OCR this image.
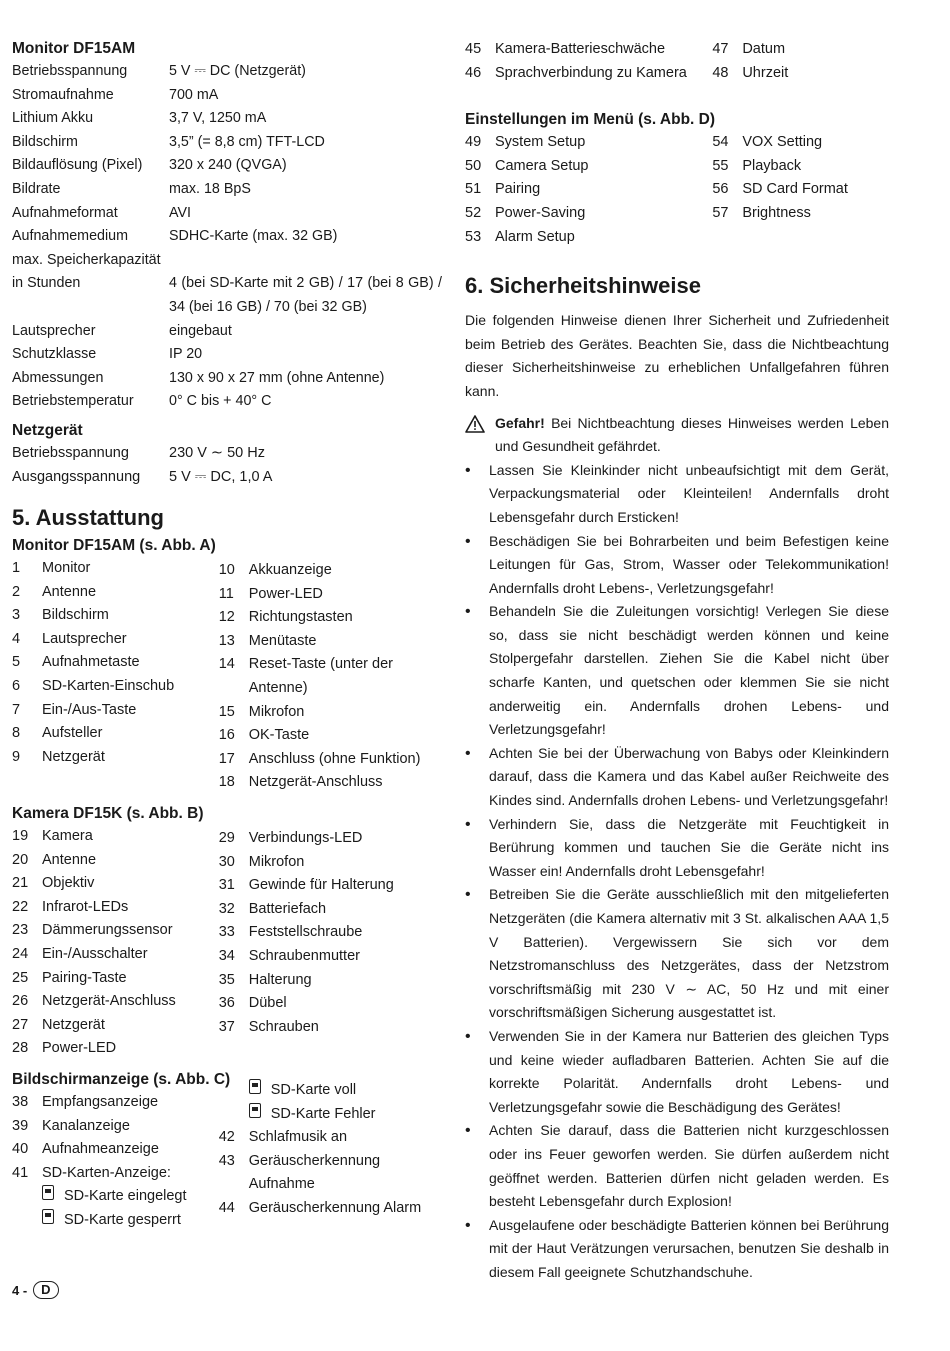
Monitor DF15AM
Betriebsspannung	5 V ⎓ DC (Netzgerät)
Stromaufnahme	700 mA
Lithium Akku	3,7 V, 1250 mA
Bildschirm	3,5” (= 8,8 cm) TFT-LCD
Bildauflösung (Pixel)	320 x 240 (QVGA)
Bildrate	max. 18 BpS
Aufnahmeformat	AVI
Aufnahmemedium	SDHC-Karte (max. 32 GB)
max. Speicherkapazität
in Stunden	4 (bei SD-Karte mit 2 GB) / 17 (bei 8 GB) / 34 (bei 16 GB) / 70 (bei 32 GB)
Lautsprecher	eingebaut
Schutzklasse	IP 20
Abmessungen	130 x 90 x 27 mm (ohne Antenne)
Betriebstemperatur	0° C bis + 40° C
Netzgerät
Betriebsspannung	230 V ∼ 50 Hz
Ausgangsspannung	5 V ⎓ DC, 1,0 A
5. Ausstattung
Monitor DF15AM (s. Abb. A)
1	Monitor
2	Antenne
3	Bildschirm
4	Lautsprecher
5	Aufnahmetaste
6	SD-Karten-Einschub
7	Ein-/Aus-Taste
8	Aufsteller
9	Netzgerät
10 Akkuanzeige
11	Power-LED
12 Richtungstasten
13 Menütaste
14 Reset-Taste (unter der Antenne)
15 Mikrofon
16 OK-Taste
17 Anschluss (ohne Funktion)
18 Netzgerät-Anschluss
Kamera DF15K (s. Abb. B)
19 Kamera
20 Antenne
21 Objektiv
22 Infrarot-LEDs
23 Dämmerungssensor
24 Ein-/Ausschalter
25 Pairing-Taste
26 Netzgerät-Anschluss
27 Netzgerät
28 Power-LED
29 Verbindungs-LED
30 Mikrofon
31 Gewinde für Halterung
32 Batteriefach
33 Feststellschraube
34 Schraubenmutter
35 Halterung
36 Dübel
37 Schrauben
Bildschirmanzeige (s. Abb. C)
38 Empfangsanzeige
39 Kanalanzeige
40 Aufnahmeanzeige
41 SD-Karten-Anzeige:
SD-Karte eingelegt
SD-Karte gesperrt
SD-Karte voll
SD-Karte Fehler
42 Schlafmusik an
43 Geräuscherkennung Aufnahme
44 Geräuscherkennung Alarm
45 Kamera-Batterieschwäche
46 Sprachverbindung zu Kamera
47 Datum
48 Uhrzeit
Einstellungen im Menü (s. Abb. D)
49 System Setup
50 Camera Setup
51 Pairing
52 Power-Saving
53 Alarm Setup
54 VOX Setting
55 Playback
56 SD Card Format
57 Brightness
6. Sicherheitshinweise
Die folgenden Hinweise dienen Ihrer Sicherheit und Zufriedenheit beim Betrieb des Gerätes. Beachten Sie, dass die Nichtbeachtung dieser Sicherheitshinweise zu erheblichen Unfallgefahren führen kann.
Gefahr! Bei Nichtbeachtung dieses Hinweises werden Leben und Gesundheit gefährdet.
•
Lassen Sie Kleinkinder nicht unbeaufsichtigt mit dem Gerät, Verpackungsmaterial oder Kleinteilen! Andernfalls droht Lebensgefahr durch Ersticken!
•
Beschädigen Sie bei Bohrarbeiten und beim Befestigen keine Leitungen für Gas, Strom, Wasser oder Telekommunikation! Andernfalls droht Lebens-, Verletzungsgefahr!
•
Behandeln Sie die Zuleitungen vorsichtig! Verlegen Sie diese so, dass sie nicht beschädigt werden können und keine Stolpergefahr darstellen. Ziehen Sie die Kabel nicht über scharfe Kanten, und quetschen oder klemmen Sie sie nicht anderweitig ein. Andernfalls drohen Lebens- und Verletzungsgefahr!
•
Achten Sie bei der Überwachung von Babys oder Kleinkindern darauf, dass die Kamera und das Kabel außer Reichweite des Kindes sind. Andernfalls drohen Lebens- und Verletzungsgefahr!
•
Verhindern Sie, dass die Netzgeräte mit Feuchtigkeit in Berührung kommen und tauchen Sie die Geräte nicht ins Wasser ein! Andernfalls droht Lebensgefahr!
•
Betreiben Sie die Geräte ausschließlich mit den mitgelieferten Netzgeräten (die Kamera alternativ mit 3 St. alkalischen AAA 1,5 V Batterien). Vergewissern Sie sich vor dem Netzstromanschluss des Netzgerätes, dass der Netzstrom vorschriftsmäßig mit 230 V ∼ AC, 50 Hz und mit einer vorschriftsmäßigen Sicherung ausgestattet ist.
•
Verwenden Sie in der Kamera nur Batterien des gleichen Typs und keine wieder aufladbaren Batterien. Achten Sie auf die korrekte Polarität. Andernfalls droht Lebens- und Verletzungsgefahr sowie die Beschädigung des Gerätes!
•
Achten Sie darauf, dass die Batterien nicht kurzgeschlossen oder ins Feuer geworfen werden. Sie dürfen außerdem nicht geöffnet werden. Batterien dürfen nicht geladen werden. Es besteht Lebensgefahr durch Explosion!
•
Ausgelaufene oder beschädigte Batterien können bei Berührung mit der Haut Verätzungen verursachen, benutzen Sie deshalb in diesem Fall geeignete Schutzhandschuhe.
4 -	D
